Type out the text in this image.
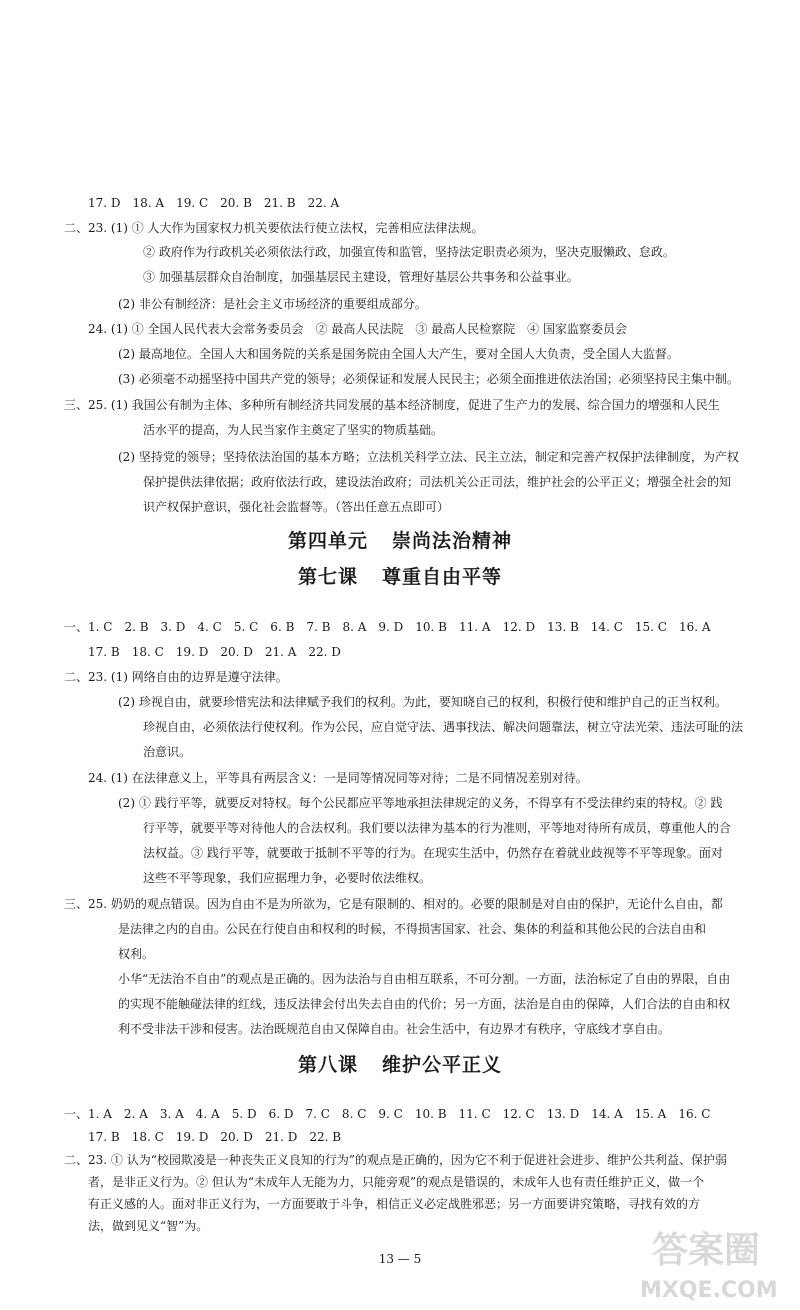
17. D　18. A　19. C　20. B　21. B　22. A
二、23. (1) ① 人大作为国家权力机关要依法行使立法权，完善相应法律法规。
② 政府作为行政机关必须依法行政，加强宣传和监管，坚持法定职责必须为，坚决克服懒政、怠政。
③ 加强基层群众自治制度，加强基层民主建设，管理好基层公共事务和公益事业。
(2) 非公有制经济：是社会主义市场经济的重要组成部分。
24. (1) ① 全国人民代表大会常务委员会　② 最高人民法院　③ 最高人民检察院　④ 国家监察委员会
(2) 最高地位。全国人大和国务院的关系是国务院由全国人大产生，要对全国人大负责，受全国人大监督。
(3) 必须毫不动摇坚持中国共产党的领导；必须保证和发展人民民主；必须全面推进依法治国；必须坚持民主集中制。
三、25. (1) 我国公有制为主体、多种所有制经济共同发展的基本经济制度，促进了生产力的发展、综合国力的增强和人民生
活水平的提高，为人民当家作主奠定了坚实的物质基础。
(2) 坚持党的领导；坚持依法治国的基本方略；立法机关科学立法、民主立法，制定和完善产权保护法律制度，为产权
保护提供法律依据；政府依法行政，建设法治政府；司法机关公正司法，维护社会的公平正义；增强全社会的知
识产权保护意识，强化社会监督等。（答出任意五点即可）
第四单元 崇尚法治精神
第七课 尊重自由平等
一、1. C　2. B　3. D　4. C　5. C　6. B　7. B　8. A　9. D　10. B　11. A　12. D　13. B　14. C　15. C　16. A
17. B　18. C　19. D　20. D　21. A　22. D
二、23. (1) 网络自由的边界是遵守法律。
(2) 珍视自由，就要珍惜宪法和法律赋予我们的权利。为此，要知晓自己的权利，积极行使和维护自己的正当权利。
珍视自由，必须依法行使权利。作为公民，应自觉守法、遇事找法、解决问题靠法，树立守法光荣、违法可耻的法
治意识。
24. (1) 在法律意义上，平等具有两层含义：一是同等情况同等对待；二是不同情况差别对待。
(2) ① 践行平等，就要反对特权。每个公民都应平等地承担法律规定的义务，不得享有不受法律约束的特权。② 践
行平等，就要平等对待他人的合法权利。我们要以法律为基本的行为准则，平等地对待所有成员，尊重他人的合
法权益。③ 践行平等，就要敢于抵制不平等的行为。在现实生活中，仍然存在着就业歧视等不平等现象。面对
这些不平等现象，我们应据理力争，必要时依法维权。
三、25. 奶奶的观点错误。因为自由不是为所欲为，它是有限制的、相对的。必要的限制是对自由的保护，无论什么自由，都
是法律之内的自由。公民在行使自由和权利的时候，不得损害国家、社会、集体的利益和其他公民的合法自由和
权利。
小华“无法治不自由”的观点是正确的。因为法治与自由相互联系，不可分割。一方面，法治标定了自由的界限，自由
的实现不能触碰法律的红线，违反法律会付出失去自由的代价；另一方面，法治是自由的保障，人们合法的自由和权
利不受非法干涉和侵害。法治既规范自由又保障自由。社会生活中，有边界才有秩序，守底线才享自由。
第八课 维护公平正义
一、1. A　2. A　3. A　4. A　5. D　6. D　7. C　8. C　9. C　10. B　11. C　12. C　13. D　14. A　15. A　16. C
17. B　18. C　19. D　20. D　21. D　22. B
二、23. ① 认为“校园欺凌是一种丧失正义良知的行为”的观点是正确的，因为它不利于促进社会进步、维护公共利益、保护弱
者，是非正义行为。② 但认为“未成年人无能为力，只能旁观”的观点是错误的，未成年人也有责任维护正义，做一个
有正义感的人。面对非正义行为，一方面要敢于斗争，相信正义必定战胜邪恶；另一方面要讲究策略，寻找有效的方
法，做到见义“智”为。
13 — 5	答案圈
MXQE.COM
